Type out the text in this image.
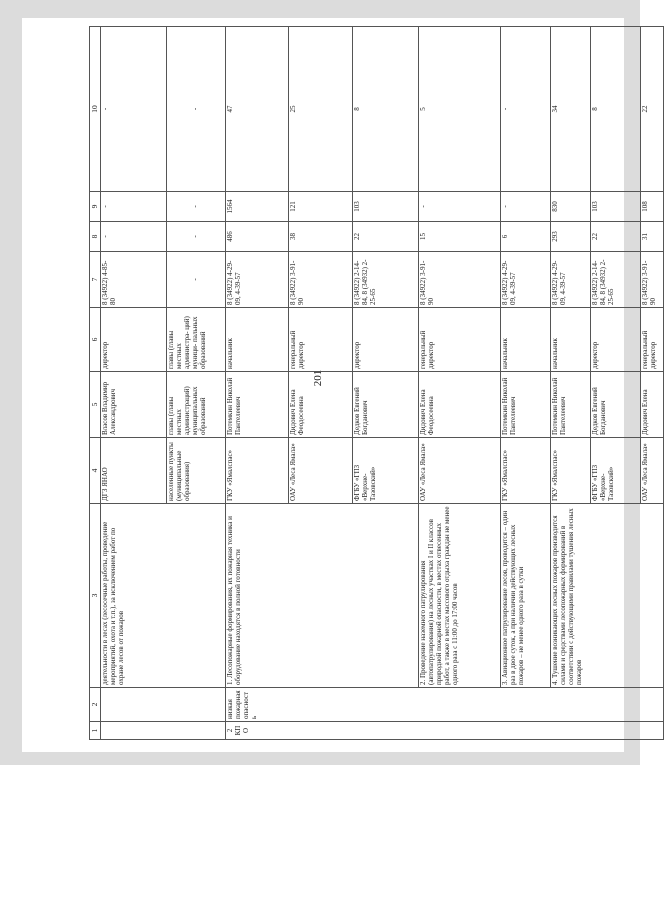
201
1	2	3	4	5	6	7	8	9	10
		деятельности в лесах (лесосечные работы, проведение мероприятий, охота и т.п.), за исключением работ по охране лесов от пожаров	ДГЗ ЯНАО	Власов Владимир Александрович	директор	8 (34922) 4-85-80	-	-	-
			населенные пункты (муниципальные образования)	главы (главы местных администраций) муниципальных образований	главы (главы местных администра- ций) муници- пальных образований	-	-	-	-
2 КПО	низкая пожарная опасность	1. Лесопожарные формирования, их пожарная техника и оборудование находятся в полной готовности	ГКУ «Ямалспас»	Потемкин Николай Пантелеевич	начальник	8 (34922) 4-29-09, 4-39-57	486	1564	47
			ОАУ «Леса Ямала»	Дидович Елена Феодосеевна	генеральный директор	8 (34922) 3-91-90	38	121	25
			ФГБУ «ГПЗ «Верхне-Тазовский»	Дедков Евгений Богданович	директор	8 (34922) 2-14-84, 8 (34932) 2-25-65	22	103	8
		2. Проведение наземного патрулирования (автопатрулирования) на лесных участках I и II классов природной пожарной опасности, в местах отвесенных работ, а также в местах массового отдыха граждан не менее одного раза с 11:00 до 17:00 часов	ОАУ «Леса Ямала»	Дидович Елена Феодосеевна	генеральный директор	8 (34922) 3-91-90	15	-	5
		3. Авиационное патрулирование лесов, проводится – один раз в двое суток, а при наличии действующих лесных пожаров – не менее одного раза в сутки	ГКУ «Ямалспас»	Потемкин Николай Пантелеевич	начальник	8 (34922) 4-29-09, 4-39-57	6	-	-
		4. Тушение возникающих лесных пожаров производится силами и средствами лесопожарных формирований в соответствии с действующими правилами тушения лесных пожаров	ГКУ «Ямалспас»	Потемкин Николай Пантелеевич	начальник	8 (34922) 4-29-09, 4-39-57	293	830	34
			ФГБУ «ГПЗ «Верхне-Тазовский»	Дедков Евгений Богданович	директор	8 (34922) 2-14-84, 8 (34932) 2-25-65	22	103	8
			ОАУ «Леса Ямала»	Дидович Елена	генеральный директор	8 (34922) 3-91-90	31	108	22
